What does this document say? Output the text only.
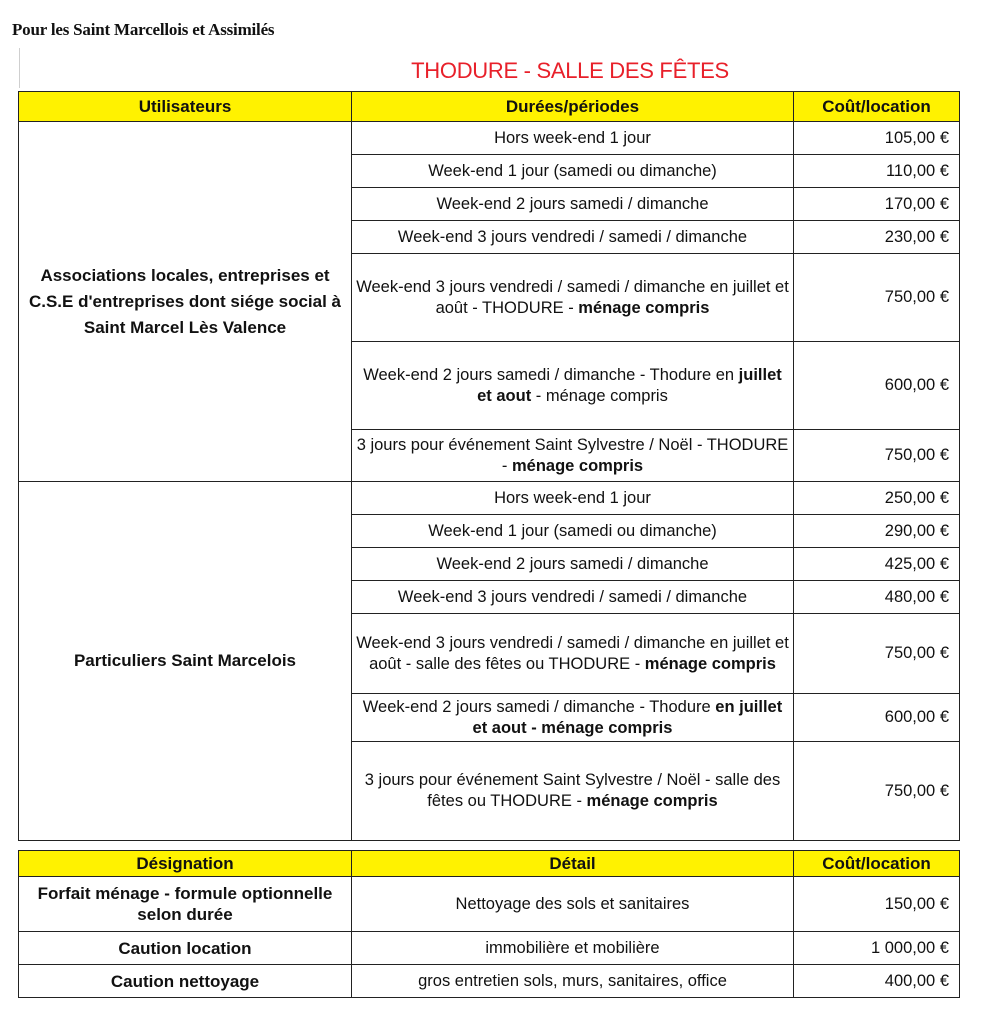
Pour les Saint Marcellois et Assimilés
THODURE - SALLE DES FÊTES
Utilisateurs	Durées/périodes	Coût/location
Associations locales, entreprises et C.S.E d'entreprises dont siége social à Saint Marcel Lès Valence	Hors week-end 1 jour	105,00 €
	Week-end 1 jour (samedi ou dimanche)	110,00 €
	Week-end 2 jours samedi / dimanche	170,00 €
	Week-end 3 jours vendredi / samedi / dimanche	230,00 €
	Week-end 3 jours vendredi / samedi / dimanche en juillet et août - THODURE - ménage compris	750,00 €
	Week-end 2 jours samedi / dimanche - Thodure en juillet et aout - ménage compris	600,00 €
	3 jours pour événement Saint Sylvestre / Noël - THODURE - ménage compris	750,00 €
Particuliers Saint Marcelois	Hors week-end 1 jour	250,00 €
	Week-end 1 jour (samedi ou dimanche)	290,00 €
	Week-end 2 jours samedi / dimanche	425,00 €
	Week-end 3 jours vendredi / samedi / dimanche	480,00 €
	Week-end 3 jours vendredi / samedi / dimanche en juillet et août - salle des fêtes ou THODURE - ménage compris	750,00 €
	Week-end 2 jours samedi / dimanche - Thodure en juillet et aout - ménage compris	600,00 €
	3 jours pour événement Saint Sylvestre / Noël - salle des fêtes ou THODURE - ménage compris	750,00 €
Désignation	Détail	Coût/location
Forfait ménage - formule optionnelle selon durée	Nettoyage des sols et sanitaires	150,00 €
Caution location	immobilière et mobilière	1 000,00 €
Caution nettoyage	gros entretien sols, murs, sanitaires, office	400,00 €
